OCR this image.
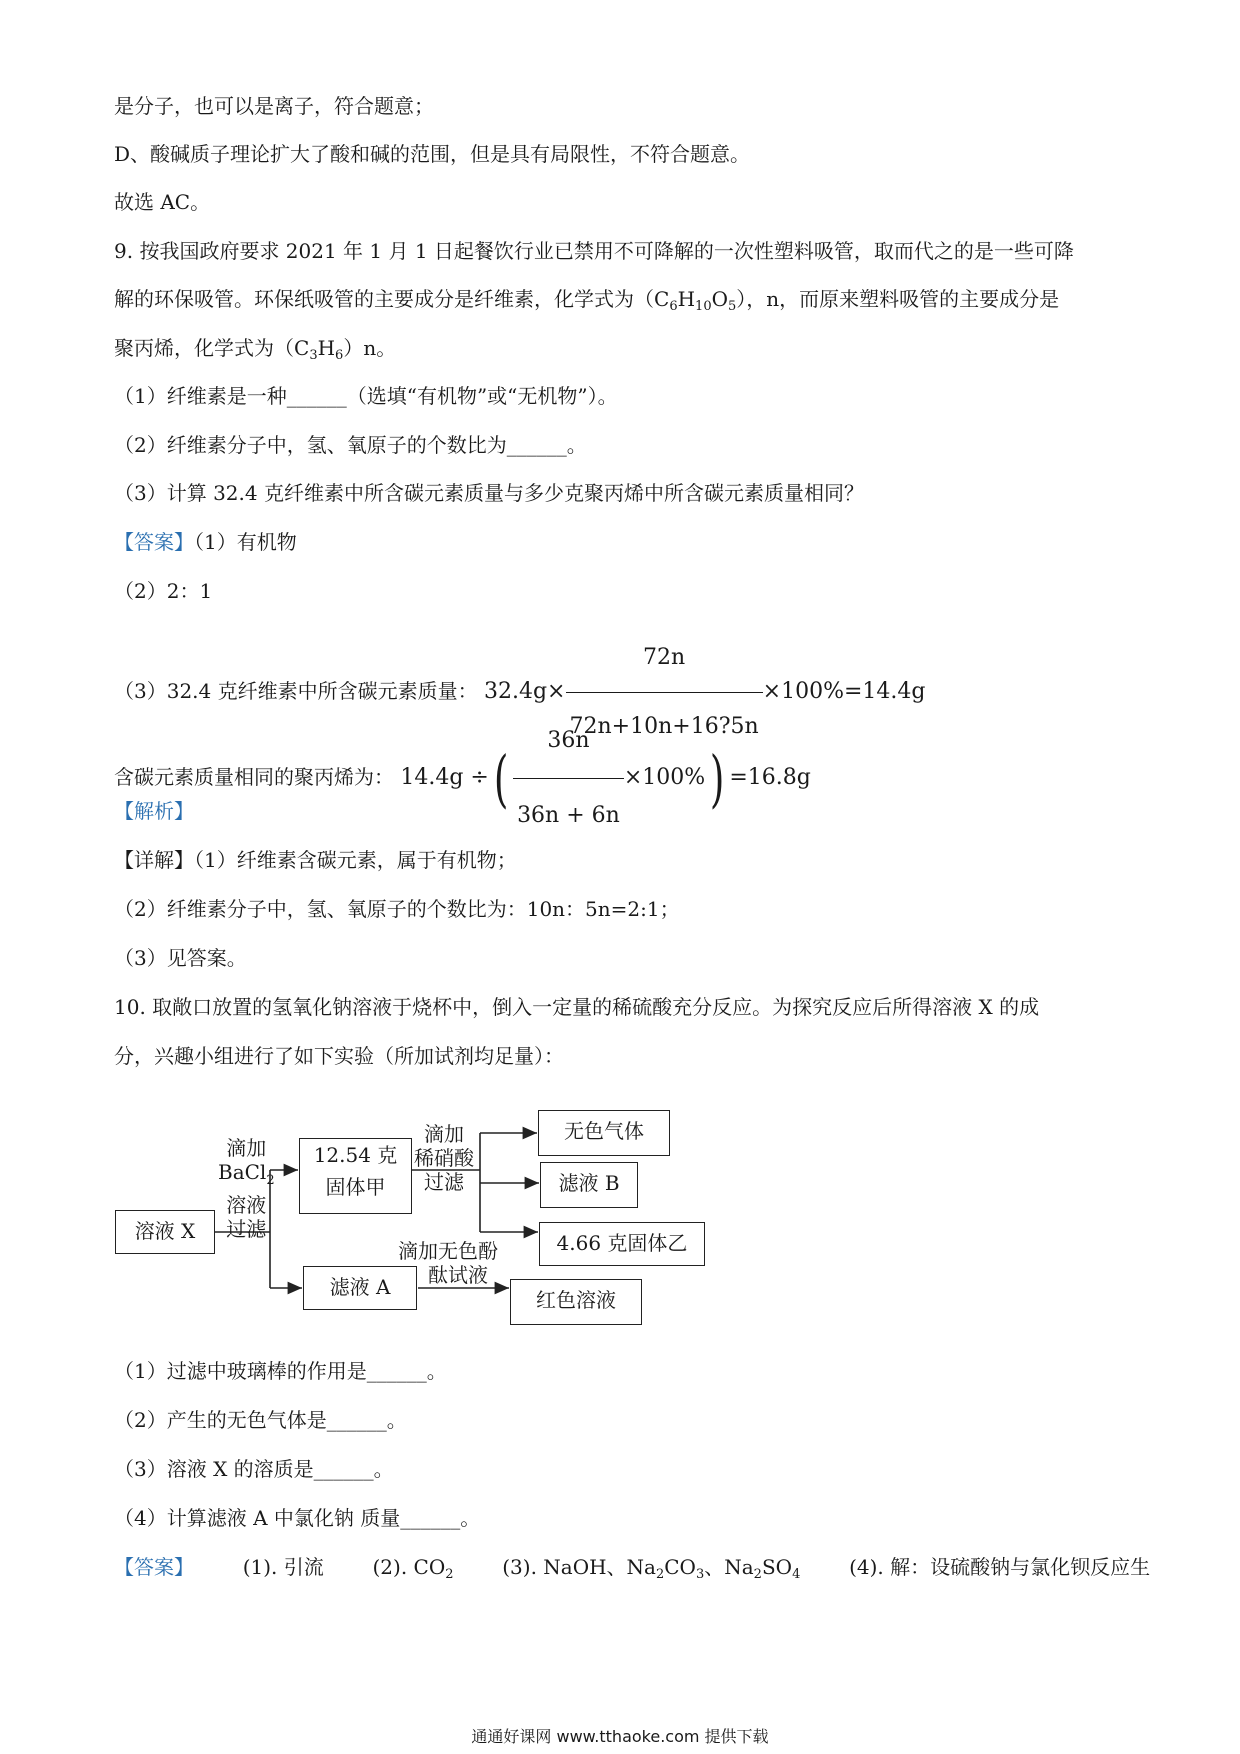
是分子，也可以是离子，符合题意；
D、酸碱质子理论扩大了酸和碱的范围，但是具有局限性，不符合题意。
故选 AC。
9. 按我国政府要求 2021 年 1 月 1 日起餐饮行业已禁用不可降解的一次性塑料吸管，取而代之的是一些可降
解的环保吸管。环保纸吸管的主要成分是纤维素，化学式为$(C_6H_{10}O_5)$，n，而原来塑料吸管的主要成分是
聚丙烯，化学式为$(C_3H_6)n$。
（1）纤维素是一种______（选填“有机物”或“无机物”）。
（2）纤维素分子中，氢、氧原子的个数比为______。
（3）计算 32.4 克纤维素中所含碳元素质量与多少克聚丙烯中所含碳元素质量相同？
【答案】（1）有机物
（2）2：1
（3）32.4 克纤维素中所含碳元素质量： $32.4g\times \frac{72n}{72n+10n+16?5n} \times 100\%=14.4g$
含碳元素质量相同的聚丙烯为： 14.4g ÷( $\frac{36n}{36n + 6n} \times 100\%) =16.8g$
【解析】
【详解】（1）纤维素含碳元素，属于有机物；
（2）纤维素分子中，氢、氧原子的个数比为：10n：5n=2:1；
（3）见答案。
10. 取敞口放置的氢氧化钠溶液于烧杯中，倒入一定量的稀硫酸充分反应。为探究反应后所得溶液 X 的成
分，兴趣小组进行了如下实验（所加试剂均足量）：
溶液 X
12.54 克
固体甲
无色气体
滤液 B
4.66 克固体乙
滤液 A
红色溶液
滴加
BaCl$_2$
溶液
过滤
滴加
稀硝酸
过滤
滴加无色酚
酞试液
（1）过滤中玻璃棒的作用是______。
（2）产生的无色气体是______。
（3）溶液 X 的溶质是______。
（4）计算滤液 A 中氯化钠 质量______。
【答案】 (1). 引流 (2). $CO_2$ (3). NaOH、$Na_2CO_3$、$Na_2SO_4$ (4). 解：设硫酸钠与氯化钡反应生
通通好课网 www.tthaoke.com 提供下载
